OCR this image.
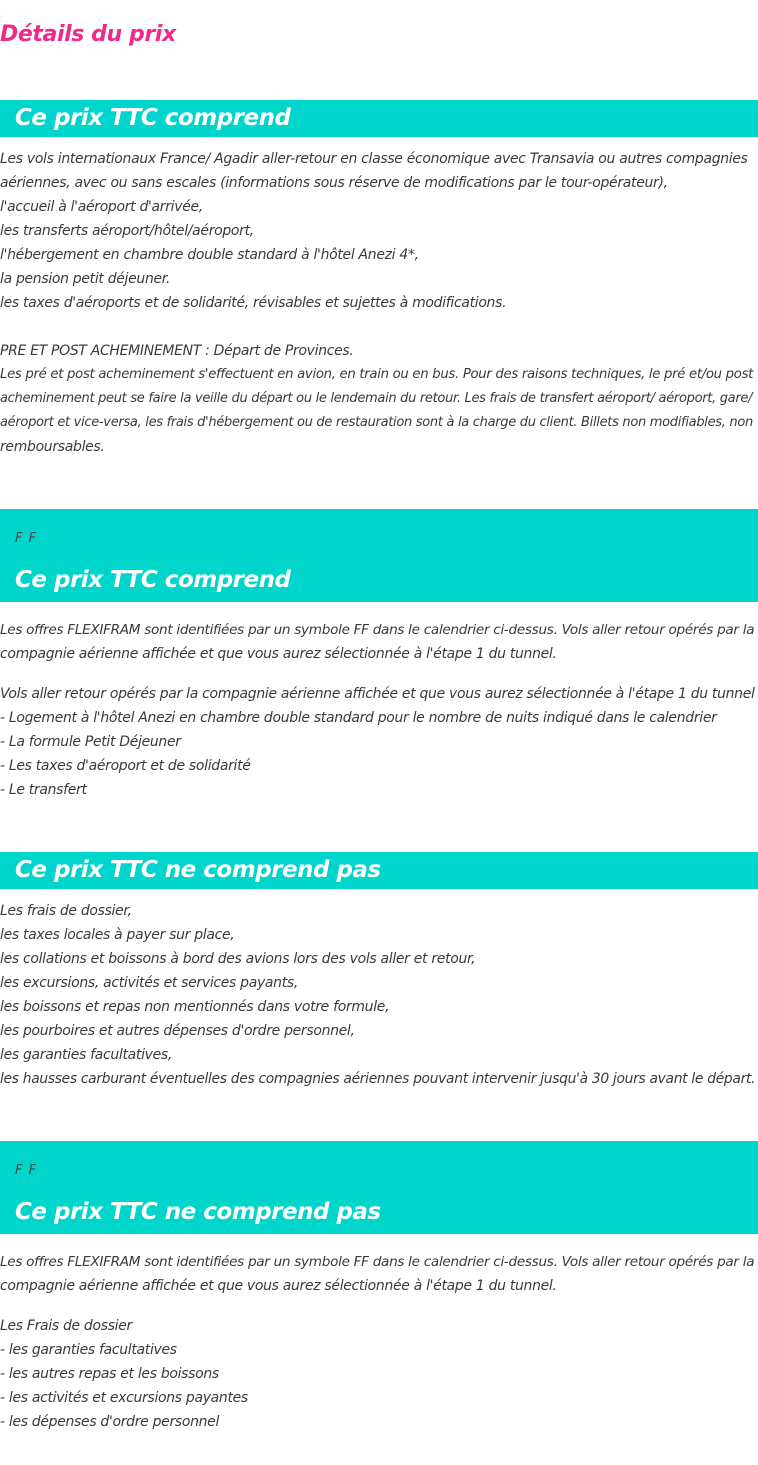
Détails du prix
Ce prix TTC comprend
Les vols internationaux France/ Agadir aller-retour en classe économique avec Transavia ou autres compagnies
aériennes, avec ou sans escales (informations sous réserve de modifications par le tour-opérateur),
l'accueil à l'aéroport d'arrivée,
les transferts aéroport/hôtel/aéroport,
l'hébergement en chambre double standard à l'hôtel Anezi 4*,
la pension petit déjeuner.
les taxes d'aéroports et de solidarité, révisables et sujettes à modifications.
PRE ET POST ACHEMINEMENT : Départ de Provinces.
Les pré et post acheminement s'effectuent en avion, en train ou en bus. Pour des raisons techniques, le pré et/ou post
acheminement peut se faire la veille du départ ou le lendemain du retour. Les frais de transfert aéroport/ aéroport, gare/
aéroport et vice-versa, les frais d'hébergement ou de restauration sont à la charge du client. Billets non modifiables, non
remboursables.
F F
Ce prix TTC comprend
Les offres FLEXIFRAM sont identifiées par un symbole FF dans le calendrier ci-dessus. Vols aller retour opérés par la
compagnie aérienne affichée et que vous aurez sélectionnée à l'étape 1 du tunnel.
Vols aller retour opérés par la compagnie aérienne affichée et que vous aurez sélectionnée à l'étape 1 du tunnel
- Logement à l'hôtel Anezi en chambre double standard pour le nombre de nuits indiqué dans le calendrier
- La formule Petit Déjeuner
- Les taxes d'aéroport et de solidarité
- Le transfert
Ce prix TTC ne comprend pas
Les frais de dossier,
les taxes locales à payer sur place,
les collations et boissons à bord des avions lors des vols aller et retour,
les excursions, activités et services payants,
les boissons et repas non mentionnés dans votre formule,
les pourboires et autres dépenses d'ordre personnel,
les garanties facultatives,
les hausses carburant éventuelles des compagnies aériennes pouvant intervenir jusqu'à 30 jours avant le départ.
F F
Ce prix TTC ne comprend pas
Les offres FLEXIFRAM sont identifiées par un symbole FF dans le calendrier ci-dessus. Vols aller retour opérés par la
compagnie aérienne affichée et que vous aurez sélectionnée à l'étape 1 du tunnel.
Les Frais de dossier
- les garanties facultatives
- les autres repas et les boissons
- les activités et excursions payantes
- les dépenses d'ordre personnel
